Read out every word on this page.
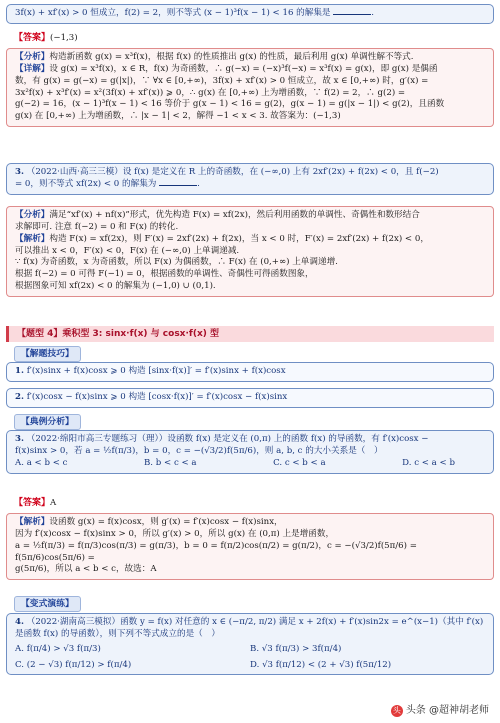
3f(x) + xf′(x) > 0 恒成立，f(2) = 2，则不等式 (x − 1)³f(x − 1) < 16 的解集是	.

【答案】(−1,3)

【分析】构造新函数 g(x) = x³f(x)，根据 f(x) 的性质推出 g(x) 的性质，最后利用 g(x) 单调性解不等式.

【详解】设 g(x) = x³f(x)，x ∈ R，f(x) 为奇函数，∴ g(−x) = (−x)³f(−x) = x³f(x) = g(x)，即 g(x) 是偶函

数，有 g(x) = g(−x) = g(|x|)，∵ ∀x ∈ [0,+∞)，3f(x) + xf′(x) > 0 恒成立，故 x ∈ [0,+∞) 时，g′(x) =

3x²f(x) + x³f′(x) = x²(3f(x) + xf′(x)) ⩾ 0，∴ g(x) 在 [0,+∞) 上为增函数，∵ f(2) = 2，∴ g(2) =

g(−2) = 16，(x − 1)³f(x − 1) < 16 等价于 g(x − 1) < 16 = g(2)，g(x − 1) = g(|x − 1|) < g(2)，且函数

g(x) 在 [0,+∞) 上为增函数，∴ |x − 1| < 2，解得 −1 < x < 3. 故答案为：(−1,3)

3. （2022·山西·高三三模）设 f(x) 是定义在 R 上的奇函数，在 (−∞,0) 上有 2xf′(2x) + f(2x) < 0，且 f(−2)

= 0，则不等式 xf(2x) < 0 的解集为	.

【分析】满足“xf′(x) + nf(x)”形式，优先构造 F(x) = xf(2x)，然后利用函数的单调性、奇偶性和数形结合

求解即可. 注意 f(−2) = 0 和 F(x) 的转化.

【解析】构造 F(x) = xf(2x)，则 F′(x) = 2xf′(2x) + f(2x)，当 x < 0 时，F′(x) = 2xf′(2x) + f(2x) < 0，

可以推出 x < 0，F′(x) < 0，F(x) 在 (−∞,0) 上单调递减.

∵ f(x) 为奇函数，x 为奇函数，所以 F(x) 为偶函数，∴ F(x) 在 (0,+∞) 上单调递增.

根据 f(−2) = 0 可得 F(−1) = 0，根据函数的单调性、奇偶性可得函数图象，

根据图象可知 xf(2x) < 0 的解集为 (−1,0) ∪ (0,1).

【题型 4】乘积型 3: sinx·f(x) 与 cosx·f(x) 型
【解题技巧】

1. f′(x)sinx + f(x)cosx ⩾ 0 构造 [sinx·f(x)]′ = f′(x)sinx + f(x)cosx

2. f′(x)cosx − f(x)sinx ⩾ 0 构造 [cosx·f(x)]′ = f′(x)cosx − f(x)sinx

【典例分析】

3. （2022·绵阳市高三专题练习（理））设函数 f(x) 是定义在 (0,π) 上的函数 f(x) 的导函数，有 f′(x)cosx −

f(x)sinx > 0，若 a = ½f(π/3)，b = 0，c = −(√3/2)f(5π/6)，则 a, b, c 的大小关系是（　）

A. a < b < c	B. b < c < a	C. c < b < a	D. c < a < b
【答案】A

【解析】设函数 g(x) = f(x)cosx，则 g′(x) = f′(x)cosx − f(x)sinx，

因为 f′(x)cosx − f(x)sinx > 0，所以 g′(x) > 0，所以 g(x) 在 (0,π) 上是增函数，

a = ½f(π/3) = f(π/3)cos(π/3) = g(π/3)，b = 0 = f(π/2)cos(π/2) = g(π/2)，c = −(√3/2)f(5π/6) = f(5π/6)cos(5π/6) =

g(5π/6)，所以 a < b < c，故选：A

【变式演练】

4. （2022·湖南高三模拟）函数 y = f(x) 对任意的 x ∈ (−π/2, π/2) 满足 x + 2f(x) + f′(x)sin2x = e^(x−1)（其中 f′(x)

是函数 f(x) 的导函数），则下列不等式成立的是（　）

A. f(π/4) > √3 f(π/3)	B. √3 f(π/3) > 3f(π/4)
C. (2 − √3) f(π/12) > f(π/4)	D. √3 f(π/12) < (2 + √3) f(5π/12)
头 头条 @超神胡老师
